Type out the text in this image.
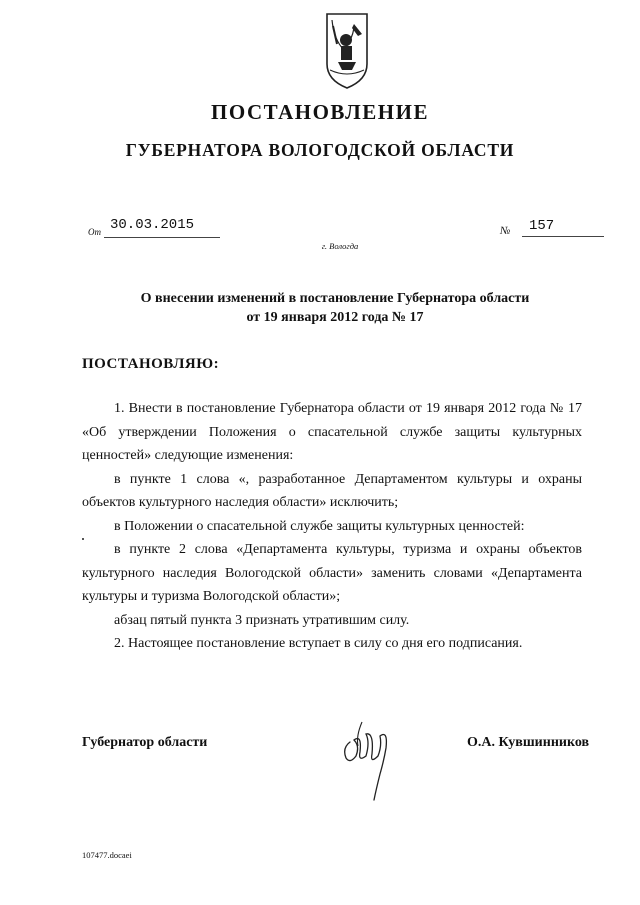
ПОСТАНОВЛЕНИЕ
ГУБЕРНАТОРА ВОЛОГОДСКОЙ ОБЛАСТИ
От 30.03.2015	№ 157
г. Вологда
О внесении изменений в постановление Губернатора области
от 19 января 2012 года № 17
ПОСТАНОВЛЯЮ:

1. Внести в постановление Губернатора области от 19 января 2012 года № 17 «Об утверждении Положения о спасательной службе защиты культурных ценностей» следующие изменения:

в пункте 1 слова «, разработанное Департаментом культуры и охраны объектов культурного наследия области» исключить;

в Положении о спасательной службе защиты культурных ценностей:

в пункте 2 слова «Департамента культуры, туризма и охраны объектов культурного наследия Вологодской области» заменить словами «Департамента культуры и туризма Вологодской области»;

абзац пятый пункта 3 признать утратившим силу.

2. Настоящее постановление вступает в силу со дня его подписания.

Губернатор области	О.А. Кувшинников
107477.docaei
